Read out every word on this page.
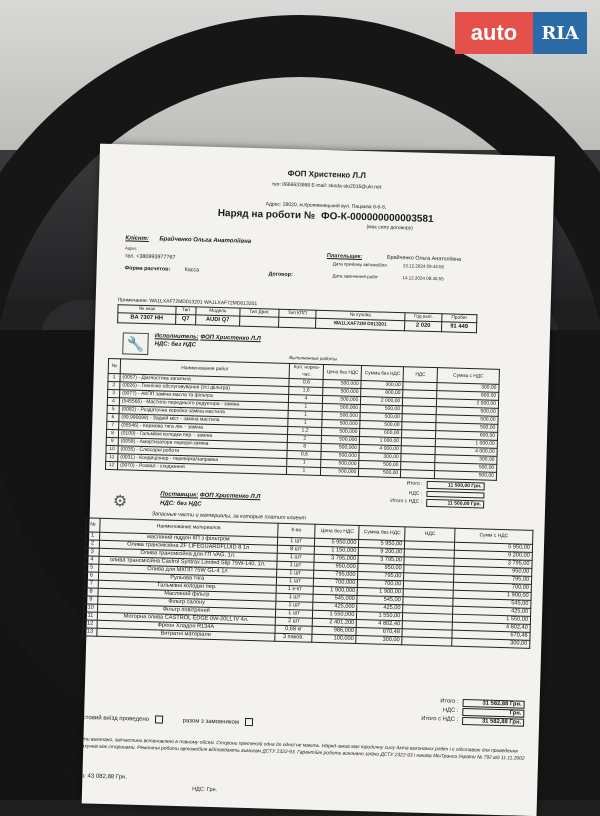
auto	RIA
ФОП Христенко Л.Л
тел: 0666633868 E-mail: skoda-sto2016@ukr.net
Адрес: 28020, м.Кропивницький вул. Пацаєва 8-б-б,
Наряд на роботи № ФО-К-000000000003581
(має силу договору)
Клієнт: Брайченко Ольга Анатоліївна
Адрес
тел. +380993977767
Форма расчетов:	Касса
Договор:
Плательщик:	Брайченко Ольга Анатоліївна
Дата прийому автомобіля	13.12.2024 09:44:55
Дата закінчення робіт	14.12.2024 08:45:55
Примечание: WA1LXAF72MD013201 WA1LXAF72MD013201
№ знак	Тип	Модель	Тип Двиг.	Тип КПП	№ кузова	Год вып.	Пробег
BA 7307 HH	Q7	AUDI Q7			WA1LXAF72M D013201	2 020	91 449
🔧	Исполнитель: ФОП Христенко Л.Л
НДС: без НДС
Выполненные работы
№	Наименование работ	Кол. нормо-час.	Цена без НДС	Сумма без НДС	НДС	Сумма с НДС
1	(0057) - Діагностика загальна	0,6	500,000	300,00		300,00
2	(0026) - Технічне обслуговування (Усі фільтра)	1,6	500,000	800,00		800,00
3	(0077) - АКПП заміна масла та фільтра	4	500,000	2 000,00		2 000,00
4	(545566) - Мастило переднього редуктора - заміна	1	500,000	500,00		500,00
5	(0082) - Роздаточна коробка-заміна мастила	1	500,000	500,00		500,00
6	(99.990099) - Задній міст - заміна мастила	1	500,000	500,00		500,00
7	(05546) - Кермова тяга лів. - заміна	1,2	500,000	600,00		600,00
8	(0100) - Гальмівні колодки пер. - заміна	2	500,000	1 000,00		1 000,00
9	(0058) - Амортизатори передні-заміна	8	500,000	4 000,00		4 000,00
10	(0035) - Слюсарні роботи	0,6	500,000	300,00		300,00
11	(0031) - Кондиціонер - перевірка/заправка	1	500,000	500,00		500,00
12	(0070) - Розвал - сходження	1	500,000	500,00		500,00
Итого :	11 500,00 Грн.
НДС :
Итого с НДС :	11 500,00 Грн.
⚙	Поставщик: ФОП Христенко Л.Л
НДС: без НДС
Запасные части и материалы, за которые платит клиент
№	Наименование материалов	К-во	Цена без НДС	Сумма без НДС	НДС	Сумм с НДС
1	масляний піддон КП з фільтром	1 шт	5 950,000	5 950,00		5 950,00
2	Олива трансмісійна ZF LIFEGUARDFLUID 8 1л	8 шт	1 150,000	9 200,00		9 200,00
3	Олива трансмісійна для ГП VAG, 1л.	1 шт	3 795,000	3 795,00		3 795,00
4	олива трансмісійна Castrol Syntrax Limited Slip 75W-140, 1л.	1 шт	950,000	950,00		950,00
5	Олива для МКПП 75W GL-4 1л	1 шт	795,000	795,00		795,00
6	Рульова тяга	1 шт	700,000	700,00		700,00
7	Гальмівні колодки пер.	1 к-кт	1 900,000	1 900,00		1 900,00
8	Масляний фільтр	1 шт	545,000	545,00		545,00
9	Фільтр салону	1 шт	425,000	425,00		425,00
10	Фільтр повітряний	1 шт	1 550,000	1 550,00		1 550,00
11	Моторна олива CASTROL EDGE 0W-20LL IV 4л.	2 шт	2 401,200	4 802,40		4 802,40
12	Фреон Хладон R134A	0,68 кг	986,000	670,48		670,48
13	Витратні матеріали	3 паков.	100,000	300,00		300,00
Итого :	31 582,88 Грн.
НДС :	Грн.
Итого с НДС :	31 582,88 Грн.
Тестовий виїзд проведено	разом з замовником
Роботи виконано, запчастини встановлено в повному обсязі. Сторони претензій одна до одної не мають. Наряд-заказ має юридичну силу Акта виконаних робіт і є підставою для проведення розрахунків між сторонами. Ремонтні роботи автомобіля відповідають вимогам ДСТУ 2322-93. Гарантійні роботи виконано згідно ДСТУ 2322-93 і наказа МінТранса України № 792 від 11.11.2002
Всего: 43 082,88 Грн.
НДС: Грн.
